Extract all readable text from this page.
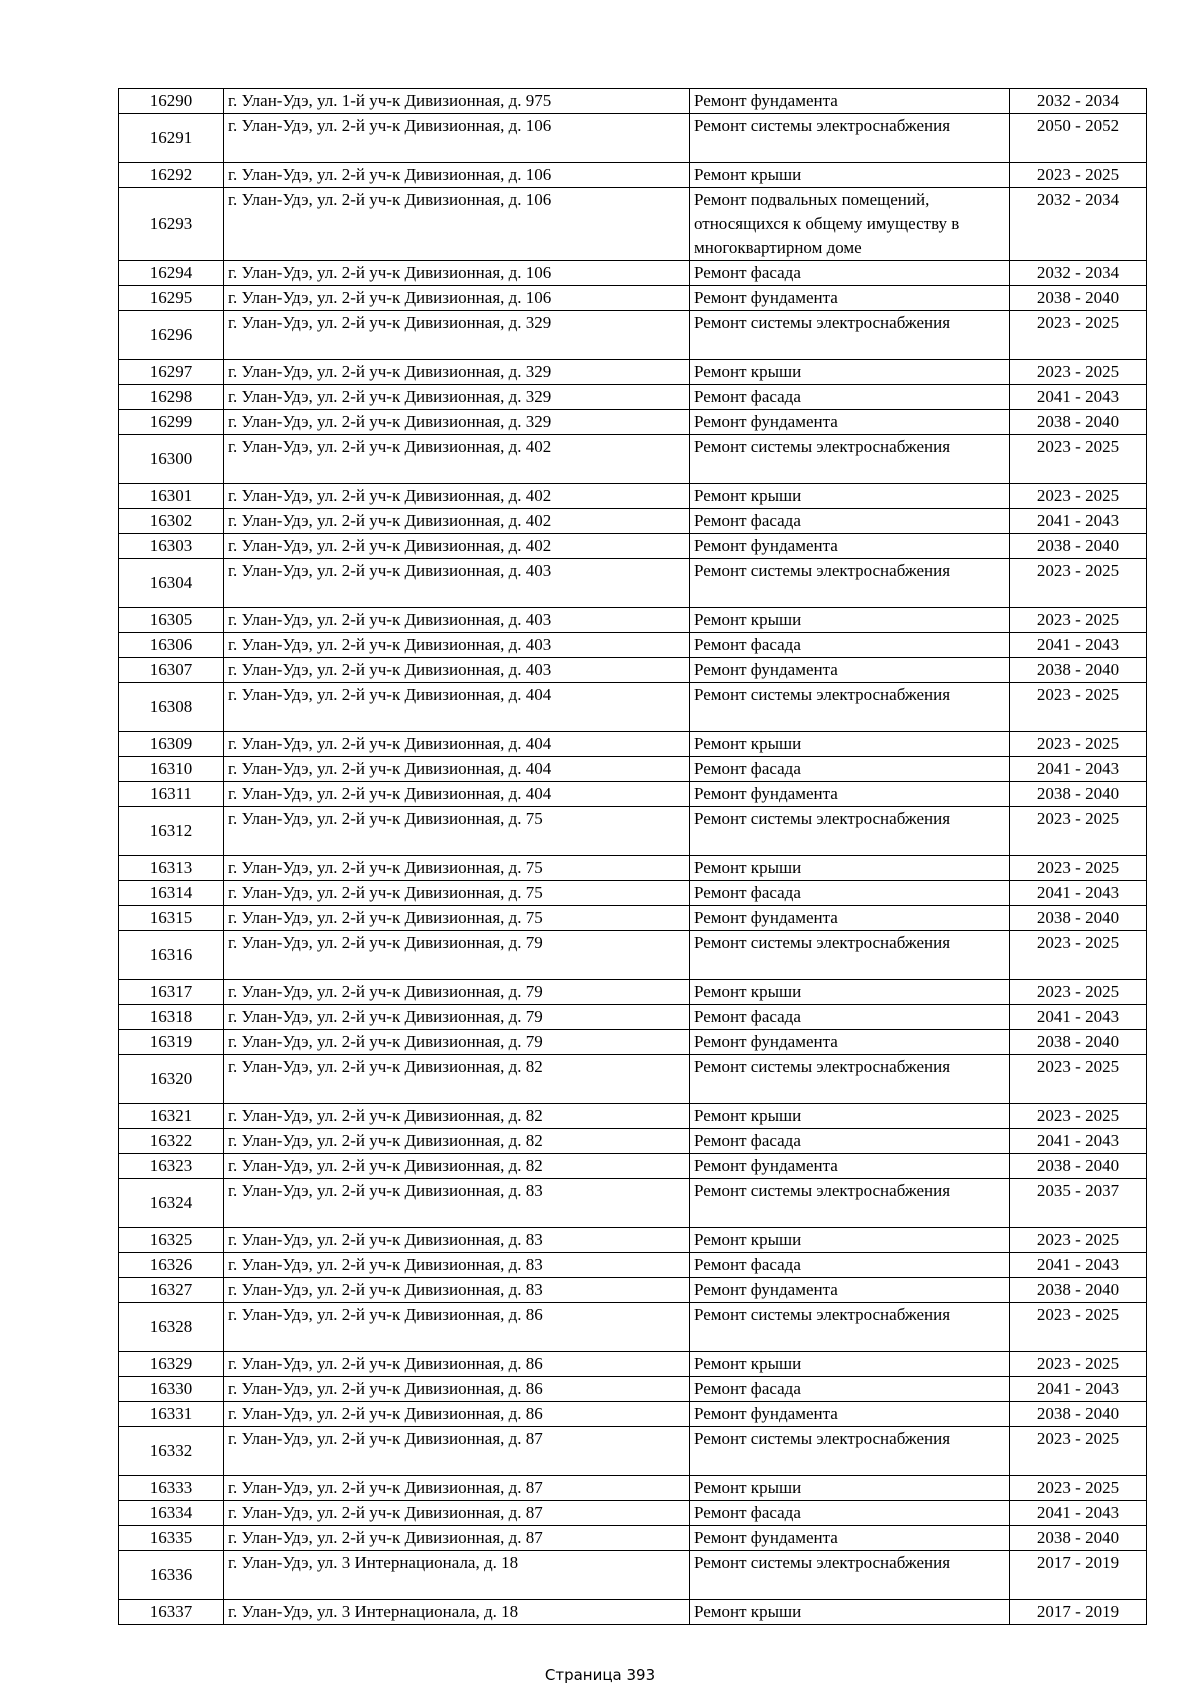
16290	г. Улан-Удэ, ул. 1-й уч-к Дивизионная, д. 975	Ремонт фундамента	2032 - 2034
16291	г. Улан-Удэ, ул. 2-й уч-к Дивизионная, д. 106	Ремонт системы электроснабжения	2050 - 2052
16292	г. Улан-Удэ, ул. 2-й уч-к Дивизионная, д. 106	Ремонт крыши	2023 - 2025
16293	г. Улан-Удэ, ул. 2-й уч-к Дивизионная, д. 106	Ремонт подвальных помещений, относящихся к общему имуществу в многоквартирном доме	2032 - 2034
16294	г. Улан-Удэ, ул. 2-й уч-к Дивизионная, д. 106	Ремонт фасада	2032 - 2034
16295	г. Улан-Удэ, ул. 2-й уч-к Дивизионная, д. 106	Ремонт фундамента	2038 - 2040
16296	г. Улан-Удэ, ул. 2-й уч-к Дивизионная, д. 329	Ремонт системы электроснабжения	2023 - 2025
16297	г. Улан-Удэ, ул. 2-й уч-к Дивизионная, д. 329	Ремонт крыши	2023 - 2025
16298	г. Улан-Удэ, ул. 2-й уч-к Дивизионная, д. 329	Ремонт фасада	2041 - 2043
16299	г. Улан-Удэ, ул. 2-й уч-к Дивизионная, д. 329	Ремонт фундамента	2038 - 2040
16300	г. Улан-Удэ, ул. 2-й уч-к Дивизионная, д. 402	Ремонт системы электроснабжения	2023 - 2025
16301	г. Улан-Удэ, ул. 2-й уч-к Дивизионная, д. 402	Ремонт крыши	2023 - 2025
16302	г. Улан-Удэ, ул. 2-й уч-к Дивизионная, д. 402	Ремонт фасада	2041 - 2043
16303	г. Улан-Удэ, ул. 2-й уч-к Дивизионная, д. 402	Ремонт фундамента	2038 - 2040
16304	г. Улан-Удэ, ул. 2-й уч-к Дивизионная, д. 403	Ремонт системы электроснабжения	2023 - 2025
16305	г. Улан-Удэ, ул. 2-й уч-к Дивизионная, д. 403	Ремонт крыши	2023 - 2025
16306	г. Улан-Удэ, ул. 2-й уч-к Дивизионная, д. 403	Ремонт фасада	2041 - 2043
16307	г. Улан-Удэ, ул. 2-й уч-к Дивизионная, д. 403	Ремонт фундамента	2038 - 2040
16308	г. Улан-Удэ, ул. 2-й уч-к Дивизионная, д. 404	Ремонт системы электроснабжения	2023 - 2025
16309	г. Улан-Удэ, ул. 2-й уч-к Дивизионная, д. 404	Ремонт крыши	2023 - 2025
16310	г. Улан-Удэ, ул. 2-й уч-к Дивизионная, д. 404	Ремонт фасада	2041 - 2043
16311	г. Улан-Удэ, ул. 2-й уч-к Дивизионная, д. 404	Ремонт фундамента	2038 - 2040
16312	г. Улан-Удэ, ул. 2-й уч-к Дивизионная, д. 75	Ремонт системы электроснабжения	2023 - 2025
16313	г. Улан-Удэ, ул. 2-й уч-к Дивизионная, д. 75	Ремонт крыши	2023 - 2025
16314	г. Улан-Удэ, ул. 2-й уч-к Дивизионная, д. 75	Ремонт фасада	2041 - 2043
16315	г. Улан-Удэ, ул. 2-й уч-к Дивизионная, д. 75	Ремонт фундамента	2038 - 2040
16316	г. Улан-Удэ, ул. 2-й уч-к Дивизионная, д. 79	Ремонт системы электроснабжения	2023 - 2025
16317	г. Улан-Удэ, ул. 2-й уч-к Дивизионная, д. 79	Ремонт крыши	2023 - 2025
16318	г. Улан-Удэ, ул. 2-й уч-к Дивизионная, д. 79	Ремонт фасада	2041 - 2043
16319	г. Улан-Удэ, ул. 2-й уч-к Дивизионная, д. 79	Ремонт фундамента	2038 - 2040
16320	г. Улан-Удэ, ул. 2-й уч-к Дивизионная, д. 82	Ремонт системы электроснабжения	2023 - 2025
16321	г. Улан-Удэ, ул. 2-й уч-к Дивизионная, д. 82	Ремонт крыши	2023 - 2025
16322	г. Улан-Удэ, ул. 2-й уч-к Дивизионная, д. 82	Ремонт фасада	2041 - 2043
16323	г. Улан-Удэ, ул. 2-й уч-к Дивизионная, д. 82	Ремонт фундамента	2038 - 2040
16324	г. Улан-Удэ, ул. 2-й уч-к Дивизионная, д. 83	Ремонт системы электроснабжения	2035 - 2037
16325	г. Улан-Удэ, ул. 2-й уч-к Дивизионная, д. 83	Ремонт крыши	2023 - 2025
16326	г. Улан-Удэ, ул. 2-й уч-к Дивизионная, д. 83	Ремонт фасада	2041 - 2043
16327	г. Улан-Удэ, ул. 2-й уч-к Дивизионная, д. 83	Ремонт фундамента	2038 - 2040
16328	г. Улан-Удэ, ул. 2-й уч-к Дивизионная, д. 86	Ремонт системы электроснабжения	2023 - 2025
16329	г. Улан-Удэ, ул. 2-й уч-к Дивизионная, д. 86	Ремонт крыши	2023 - 2025
16330	г. Улан-Удэ, ул. 2-й уч-к Дивизионная, д. 86	Ремонт фасада	2041 - 2043
16331	г. Улан-Удэ, ул. 2-й уч-к Дивизионная, д. 86	Ремонт фундамента	2038 - 2040
16332	г. Улан-Удэ, ул. 2-й уч-к Дивизионная, д. 87	Ремонт системы электроснабжения	2023 - 2025
16333	г. Улан-Удэ, ул. 2-й уч-к Дивизионная, д. 87	Ремонт крыши	2023 - 2025
16334	г. Улан-Удэ, ул. 2-й уч-к Дивизионная, д. 87	Ремонт фасада	2041 - 2043
16335	г. Улан-Удэ, ул. 2-й уч-к Дивизионная, д. 87	Ремонт фундамента	2038 - 2040
16336	г. Улан-Удэ, ул. 3 Интернационала, д. 18	Ремонт системы электроснабжения	2017 - 2019
16337	г. Улан-Удэ, ул. 3 Интернационала, д. 18	Ремонт крыши	2017 - 2019
Страница 393
